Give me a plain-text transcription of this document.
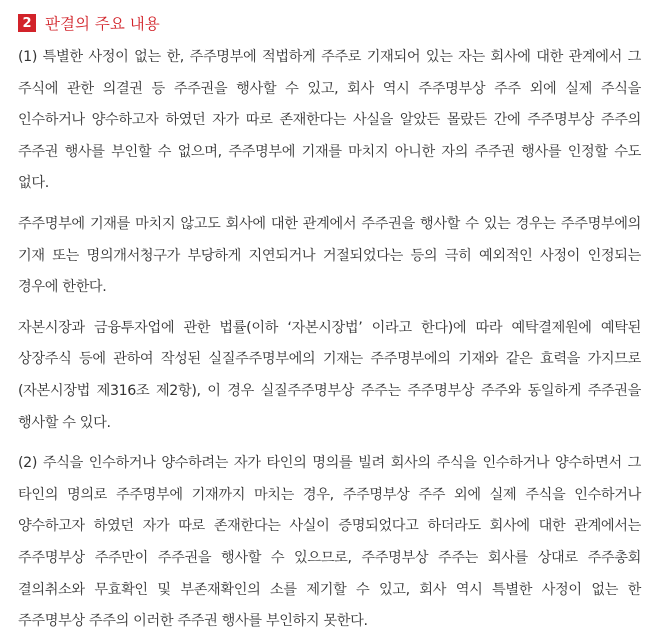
2 판결의 주요 내용

(1) 특별한 사정이 없는 한, 주주명부에 적법하게 주주로 기재되어 있는 자는 회사에 대한 관계에서 그 주식에 관한 의결권 등 주주권을 행사할 수 있고, 회사 역시 주주명부상 주주 외에 실제 주식을 인수하거나 양수하고자 하였던 자가 따로 존재한다는 사실을 알았든 몰랐든 간에 주주명부상 주주의 주주권 행사를 부인할 수 없으며, 주주명부에 기재를 마치지 아니한 자의 주주권 행사를 인정할 수도 없다.

주주명부에 기재를 마치지 않고도 회사에 대한 관계에서 주주권을 행사할 수 있는 경우는 주주명부에의 기재 또는 명의개서청구가 부당하게 지연되거나 거절되었다는 등의 극히 예외적인 사정이 인정되는 경우에 한한다.

자본시장과 금융투자업에 관한 법률(이하 ‘자본시장법’ 이라고 한다)에 따라 예탁결제원에 예탁된 상장주식 등에 관하여 작성된 실질주주명부에의 기재는 주주명부에의 기재와 같은 효력을 가지므로(자본시장법 제316조 제2항), 이 경우 실질주주명부상 주주는 주주명부상 주주와 동일하게 주주권을 행사할 수 있다.

(2) 주식을 인수하거나 양수하려는 자가 타인의 명의를 빌려 회사의 주식을 인수하거나 양수하면서 그 타인의 명의로 주주명부에 기재까지 마치는 경우, 주주명부상 주주 외에 실제 주식을 인수하거나 양수하고자 하였던 자가 따로 존재한다는 사실이 증명되었다고 하더라도 회사에 대한 관계에서는 주주명부상 주주만이 주주권을 행사할 수 있으므로, 주주명부상 주주는 회사를 상대로 주주총회 결의취소와 무효확인 및 부존재확인의 소를 제기할 수 있고, 회사 역시 특별한 사정이 없는 한 주주명부상 주주의 이러한 주주권 행사를 부인하지 못한다.
